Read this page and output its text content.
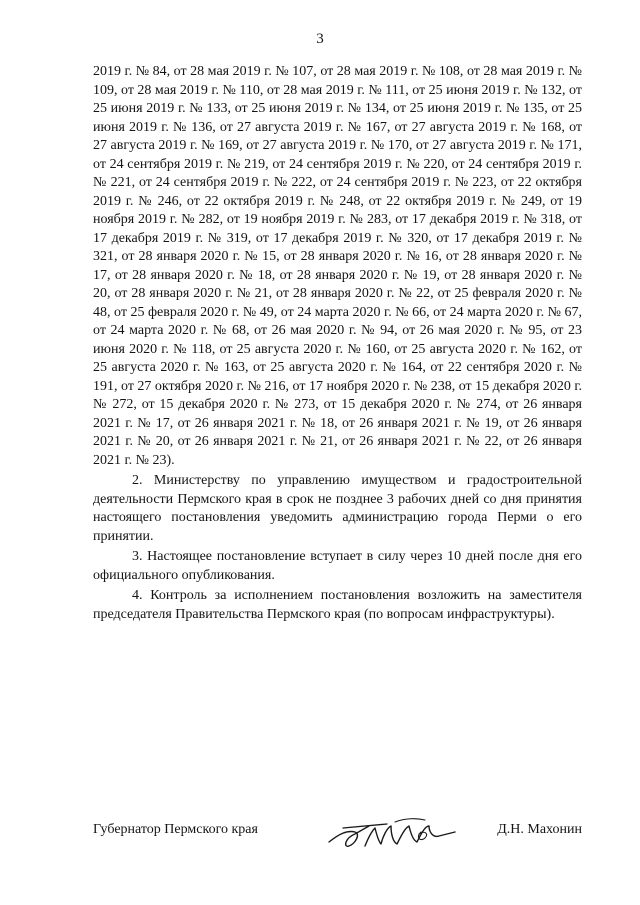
3

2019 г. № 84, от 28 мая 2019 г. № 107, от 28 мая 2019 г. № 108, от 28 мая 2019 г. № 109, от 28 мая 2019 г. № 110, от 28 мая 2019 г. № 111, от 25 июня 2019 г. № 132, от 25 июня 2019 г. № 133, от 25 июня 2019 г. № 134, от 25 июня 2019 г. № 135, от 25 июня 2019 г. № 136, от 27 августа 2019 г. № 167, от 27 августа 2019 г. № 168, от 27 августа 2019 г. № 169, от 27 августа 2019 г. № 170, от 27 августа 2019 г. № 171, от 24 сентября 2019 г. № 219, от 24 сентября 2019 г. № 220, от 24 сентября 2019 г. № 221, от 24 сентября 2019 г. № 222, от 24 сентября 2019 г. № 223, от 22 октября 2019 г. № 246, от 22 октября 2019 г. № 248, от 22 октября 2019 г. № 249, от 19 ноября 2019 г. № 282, от 19 ноября 2019 г. № 283, от 17 декабря 2019 г. № 318, от 17 декабря 2019 г. № 319, от 17 декабря 2019 г. № 320, от 17 декабря 2019 г. № 321, от 28 января 2020 г. № 15, от 28 января 2020 г. № 16, от 28 января 2020 г. № 17, от 28 января 2020 г. № 18, от 28 января 2020 г. № 19, от 28 января 2020 г. № 20, от 28 января 2020 г. № 21, от 28 января 2020 г. № 22, от 25 февраля 2020 г. № 48, от 25 февраля 2020 г. № 49, от 24 марта 2020 г. № 66, от 24 марта 2020 г. № 67, от 24 марта 2020 г. № 68, от 26 мая 2020 г. № 94, от 26 мая 2020 г. № 95, от 23 июня 2020 г. № 118, от 25 августа 2020 г. № 160, от 25 августа 2020 г. № 162, от 25 августа 2020 г. № 163, от 25 августа 2020 г. № 164, от 22 сентября 2020 г. № 191, от 27 октября 2020 г. № 216, от 17 ноября 2020 г. № 238, от 15 декабря 2020 г. № 272, от 15 декабря 2020 г. № 273, от 15 декабря 2020 г. № 274, от 26 января 2021 г. № 17, от 26 января 2021 г. № 18, от 26 января 2021 г. № 19, от 26 января 2021 г. № 20, от 26 января 2021 г. № 21, от 26 января 2021 г. № 22, от 26 января 2021 г. № 23).

2. Министерству по управлению имуществом и градостроительной деятельности Пермского края в срок не позднее 3 рабочих дней со дня принятия настоящего постановления уведомить администрацию города Перми о его принятии.

3. Настоящее постановление вступает в силу через 10 дней после дня его официального опубликования.

4. Контроль за исполнением постановления возложить на заместителя председателя Правительства Пермского края (по вопросам инфраструктуры).

Губернатор Пермского края	Д.Н. Махонин
